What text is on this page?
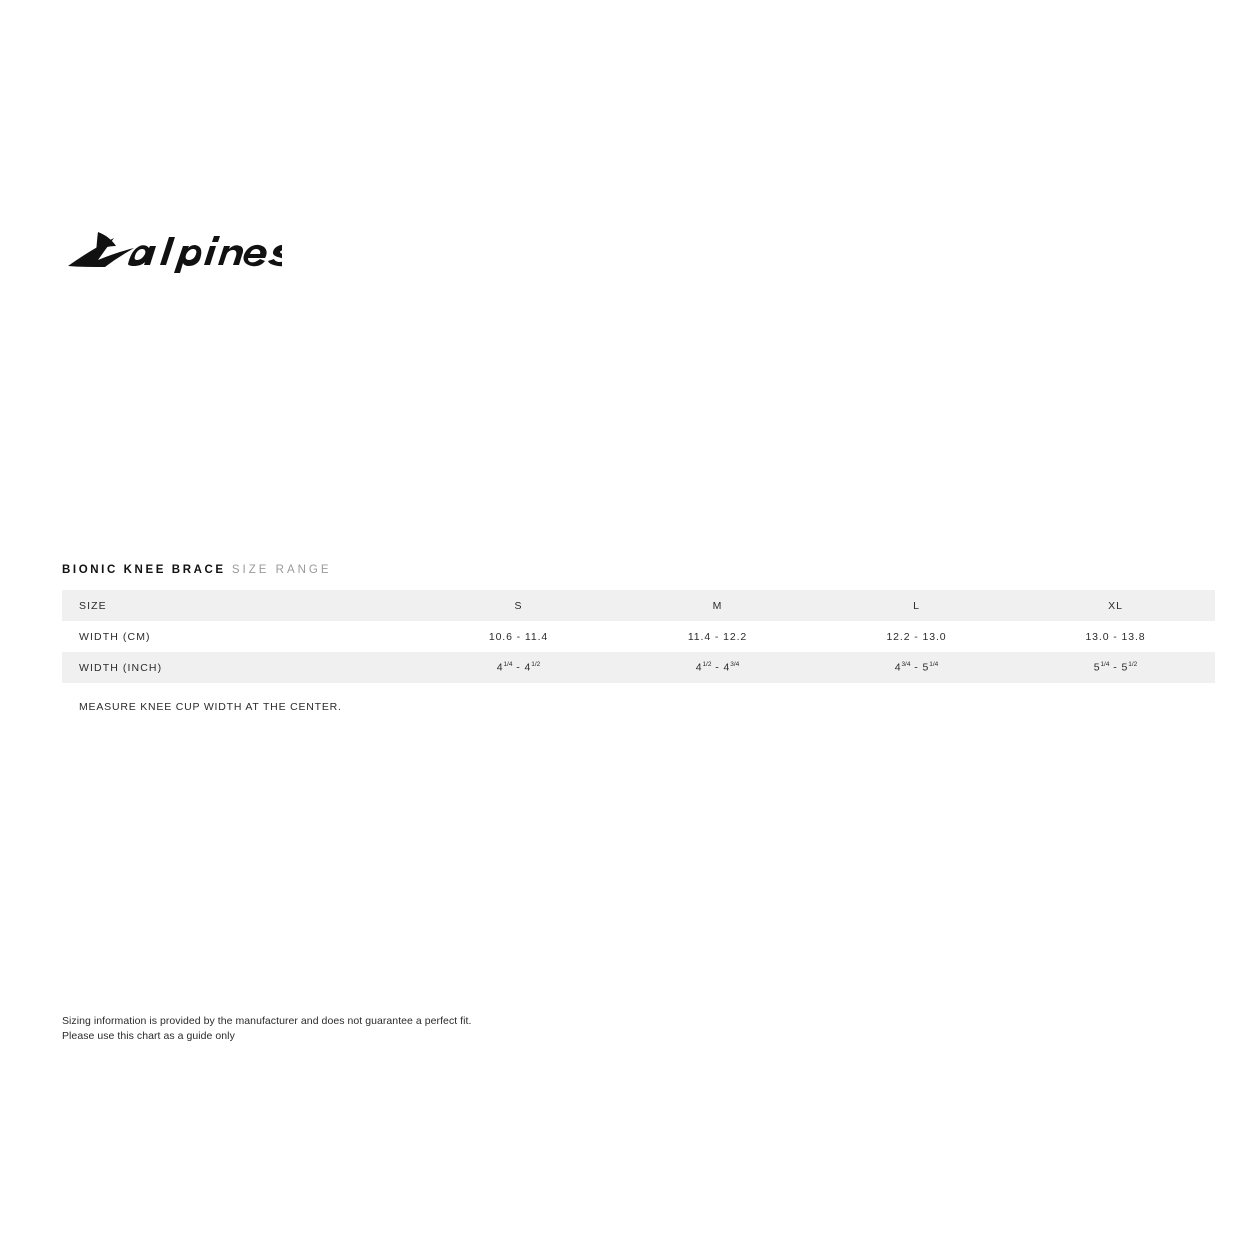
BIONIC KNEE BRACE SIZE RANGE
SIZE	S	M	L	XL
WIDTH (CM)	10.6 - 11.4	11.4 - 12.2	12.2 - 13.0	13.0 - 13.8
WIDTH (INCH)	$4^{1/4} - 4^{1/2}$	$4^{1/2} - 4^{3/4}$	$4^{3/4} - 5^{1/4}$	$5^{1/4} - 5^{1/2}$
MEASURE KNEE CUP WIDTH AT THE CENTER.
Sizing information is provided by the manufacturer and does not guarantee a perfect fit.
Please use this chart as a guide only
